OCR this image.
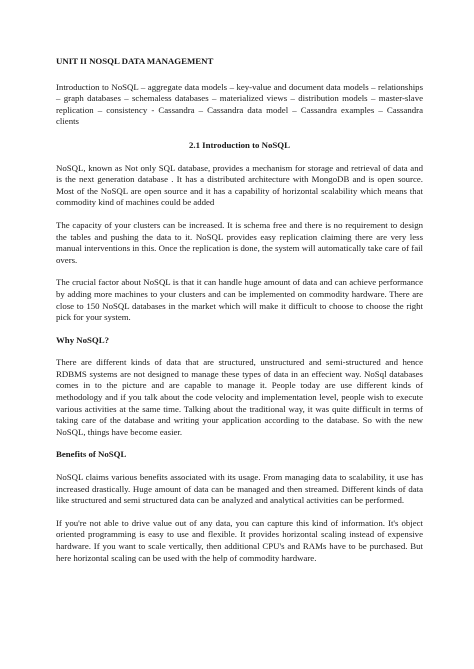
UNIT II NOSQL DATA MANAGEMENT

Introduction to NoSQL – aggregate data models – key-value and document data models – relationships – graph databases – schemaless databases – materialized views – distribution models – master-slave replication – consistency - Cassandra – Cassandra data model – Cassandra examples – Cassandra clients

2.1 Introduction to NoSQL

NoSQL, known as Not only SQL database, provides a mechanism for storage and retrieval of data and is the next generation database . It has a distributed architecture with MongoDB and is open source. Most of the NoSQL are open source and it has a capability of horizontal scalability which means that commodity kind of machines could be added

The capacity of your clusters can be increased. It is schema free and there is no requirement to design the tables and pushing the data to it. NoSQL provides easy replication claiming there are very less manual interventions in this. Once the replication is done, the system will automatically take care of fail overs.

The crucial factor about NoSQL is that it can handle huge amount of data and can achieve performance by adding more machines to your clusters and can be implemented on commodity hardware. There are close to 150 NoSQL databases in the market which will make it difficult to choose to choose the right pick for your system.

Why NoSQL?

There are different kinds of data that are structured, unstructured and semi-structured and hence RDBMS systems are not designed to manage these types of data in an effecient way. NoSql databases comes in to the picture and are capable to manage it. People today are use different kinds of methodology and if you talk about the code velocity and implementation level, people wish to execute various activities at the same time. Talking about the traditional way, it was quite difficult in terms of taking care of the database and writing your application according to the database. So with the new NoSQL, things have become easier.

Benefits of NoSQL

NoSQL claims various benefits associated with its usage. From managing data to scalability, it use has increased drastically. Huge amount of data can be managed and then streamed. Different kinds of data like structured and semi structured data can be analyzed and analytical activities can be performed.

If you're not able to drive value out of any data, you can capture this kind of information. It's object oriented programming is easy to use and flexible. It provides horizontal scaling instead of expensive hardware. If you want to scale vertically, then additional CPU's and RAMs have to be purchased. But here horizontal scaling can be used with the help of commodity hardware.
